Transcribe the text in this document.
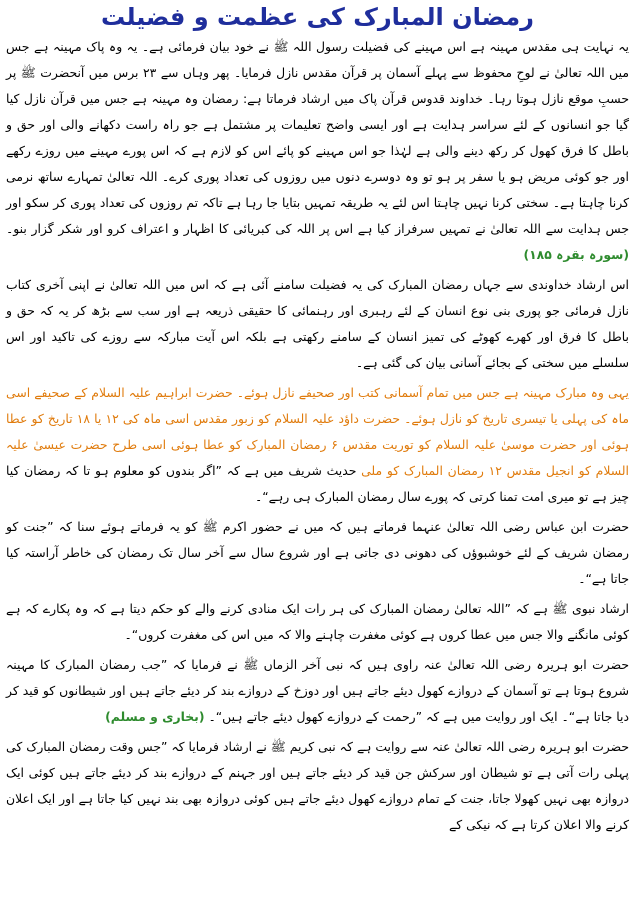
رمضان المبارک کی عظمت و فضیلت

یہ نہایت ہی مقدس مہینہ ہے اس مہینے کی فضیلت رسول اللہ ﷺ نے خود بیان فرمائی ہے۔ یہ وہ پاک مہینہ ہے جس میں اللہ تعالیٰ نے لوحِ محفوظ سے پہلے آسمان پر قرآن مقدس نازل فرمایا۔ پھر وہاں سے ۲۳ برس میں آنحضرت ﷺ پر حسبِ موقع نازل ہوتا رہا۔ خداوند قدوس قرآن پاک میں ارشاد فرماتا ہے: رمضان وہ مہینہ ہے جس میں قرآن نازل کیا گیا جو انسانوں کے لئے سراسر ہدایت ہے اور ایسی واضح تعلیمات پر مشتمل ہے جو راہ راست دکھانے والی اور حق و باطل کا فرق کھول کر رکھ دینے والی ہے لہٰذا جو اس مہینے کو پائے اس کو لازم ہے کہ اس پورے مہینے میں روزے رکھے اور جو کوئی مریض ہو یا سفر پر ہو تو وہ دوسرے دنوں میں روزوں کی تعداد پوری کرے۔ اللہ تعالیٰ تمہارے ساتھ نرمی کرنا چاہتا ہے۔ سختی کرنا نہیں چاہتا اس لئے یہ طریقہ تمہیں بتایا جا رہا ہے تاکہ تم روزوں کی تعداد پوری کر سکو اور جس ہدایت سے اللہ تعالیٰ نے تمہیں سرفراز کیا ہے اس پر اللہ کی کبریائی کا اظہار و اعتراف کرو اور شکر گزار بنو۔ (سورہ بقرہ ۱۸۵)

اس ارشاد خداوندی سے جہاں رمضان المبارک کی یہ فضیلت سامنے آئی ہے کہ اس میں اللہ تعالیٰ نے اپنی آخری کتاب نازل فرمائی جو پوری بنی نوع انسان کے لئے رہبری اور رہنمائی کا حقیقی ذریعہ ہے اور سب سے بڑھ کر یہ کہ حق و باطل کا فرق اور کھرے کھوٹے کی تمیز انسان کے سامنے رکھتی ہے بلکہ اس آیت مبارکہ سے روزے کی تاکید اور اس سلسلے میں سختی کے بجائے آسانی بیان کی گئی ہے۔

یہی وہ مبارک مہینہ ہے جس میں تمام آسمانی کتب اور صحیفے نازل ہوئے۔ حضرت ابراہیم علیہ السلام کے صحیفے اسی ماہ کی پہلی یا تیسری تاریخ کو نازل ہوئے۔ حضرت داؤد علیہ السلام کو زبور مقدس اسی ماہ کی ۱۲ یا ۱۸ تاریخ کو عطا ہوئی اور حضرت موسیٰ علیہ السلام کو توریت مقدس ۶ رمضان المبارک کو عطا ہوئی اسی طرح حضرت عیسیٰ علیہ السلام کو انجیل مقدس ۱۲ رمضان المبارک کو ملی حدیث شریف میں ہے کہ ”اگر بندوں کو معلوم ہو تا کہ رمضان کیا چیز ہے تو میری امت تمنا کرتی کہ پورے سال رمضان المبارک ہی رہے“۔

حضرت ابن عباس رضی اللہ تعالیٰ عنہما فرماتے ہیں کہ میں نے حضور اکرم ﷺ کو یہ فرماتے ہوئے سنا کہ ”جنت کو رمضان شریف کے لئے خوشبوؤں کی دھونی دی جاتی ہے اور شروع سال سے آخر سال تک رمضان کی خاطر آراستہ کیا جاتا ہے“۔

ارشاد نبوی ﷺ ہے کہ ”اللہ تعالیٰ رمضان المبارک کی ہر رات ایک منادی کرنے والے کو حکم دیتا ہے کہ وہ پکارے کہ ہے کوئی مانگنے والا جس میں عطا کروں ہے کوئی مغفرت چاہنے والا کہ میں اس کی مغفرت کروں“۔

حضرت ابو ہریرہ رضی اللہ تعالیٰ عنہ راوی ہیں کہ نبی آخر الزماں ﷺ نے فرمایا کہ ”جب رمضان المبارک کا مہینہ شروع ہوتا ہے تو آسمان کے دروازے کھول دیئے جاتے ہیں اور دوزخ کے دروازے بند کر دیئے جاتے ہیں اور شیطانوں کو قید کر دیا جاتا ہے“۔ ایک اور روایت میں ہے کہ ”رحمت کے دروازے کھول دیئے جاتے ہیں“۔ (بخاری و مسلم)

حضرت ابو ہریرہ رضی اللہ تعالیٰ عنہ سے روایت ہے کہ نبی کریم ﷺ نے ارشاد فرمایا کہ ”جس وقت رمضان المبارک کی پہلی رات آتی ہے تو شیطان اور سرکش جن قید کر دیئے جاتے ہیں اور جہنم کے دروازے بند کر دیئے جاتے ہیں کوئی ایک دروازہ بھی نہیں کھولا جاتا، جنت کے تمام دروازے کھول دیئے جاتے ہیں کوئی دروازہ بھی بند نہیں کیا جاتا ہے اور ایک اعلان کرنے والا اعلان کرتا ہے کہ نیکی کے
